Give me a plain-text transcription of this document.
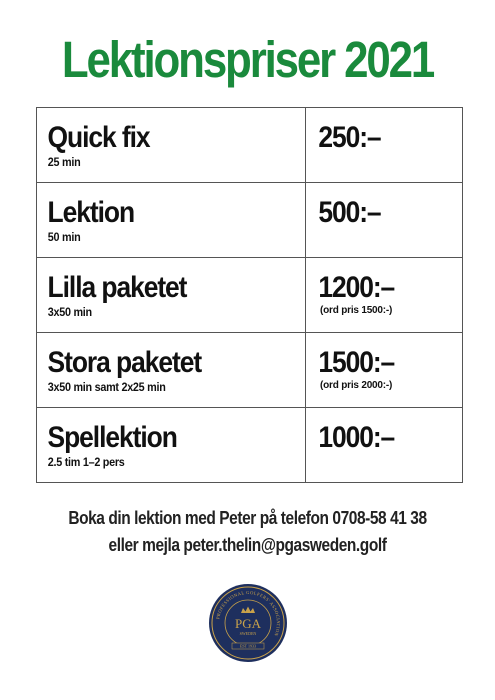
Lektionspriser 2021
Quick fix
25 min	250:–

Lektion
50 min	500:–

Lilla paketet
3x50 min	1200:–
(ord pris 1500:-)

Stora paketet
3x50 min samt 2x25 min	1500:–
(ord pris 2000:-)

Spellektion
2.5 tim 1–2 pers	1000:–
Boka din lektion med Peter på telefon 0708-58 41 38
eller mejla peter.thelin@pgasweden.golf
PROFESSIONAL GOLFERS' ASSOCIATION
PGA
SWEDEN
EST 1933
